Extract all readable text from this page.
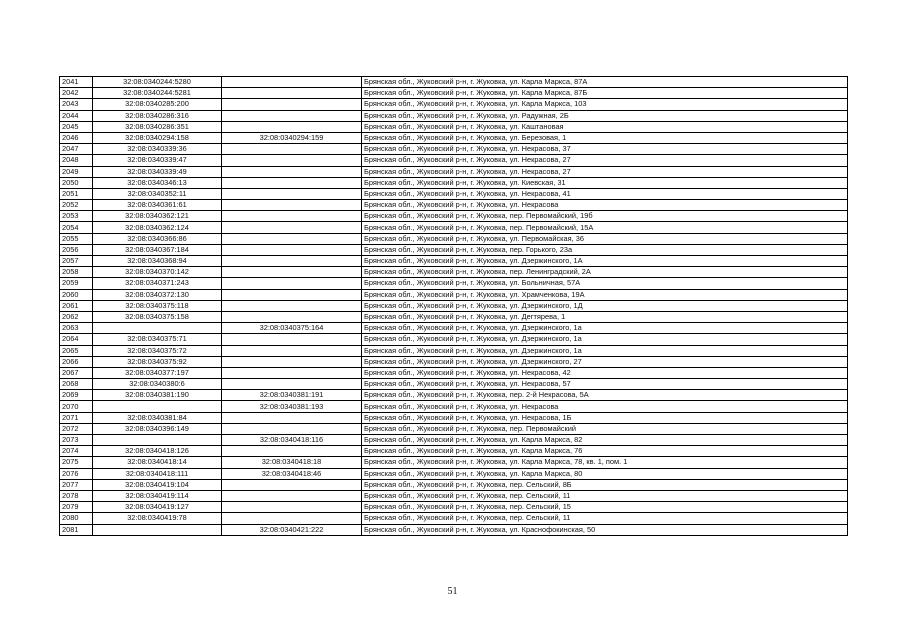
2041	32:08:0340244:5280		Брянская обл., Жуковский р-н, г. Жуковка, ул. Карла Маркса, 87А
2042	32:08:0340244:5281		Брянская обл., Жуковский р-н, г. Жуковка, ул. Карла Маркса, 87Б
2043	32:08:0340285:200		Брянская обл., Жуковский р-н, г. Жуковка, ул. Карла Маркса, 103
2044	32:08:0340286:316		Брянская обл., Жуковский р-н, г. Жуковка, ул. Радужная, 2Б
2045	32:08:0340286:351		Брянская обл., Жуковский р-н, г. Жуковка, ул. Каштановая
2046	32:08:0340294:158	32:08:0340294:159	Брянская обл., Жуковский р-н, г. Жуковка, ул. Березовая, 1
2047	32:08:0340339:36		Брянская обл., Жуковский р-н, г. Жуковка, ул. Некрасова, 37
2048	32:08:0340339:47		Брянская обл., Жуковский р-н, г. Жуковка, ул. Некрасова, 27
2049	32:08:0340339:49		Брянская обл., Жуковский р-н, г. Жуковка, ул. Некрасова, 27
2050	32:08:0340346:13		Брянская обл., Жуковский р-н, г. Жуковка, ул. Киевская, 31
2051	32:08:0340352:11		Брянская обл., Жуковский р-н, г. Жуковка, ул. Некрасова, 41
2052	32:08:0340361:61		Брянская обл., Жуковский р-н, г. Жуковка, ул. Некрасова
2053	32:08:0340362:121		Брянская обл., Жуковский р-н, г. Жуковка, пер. Первомайский, 19б
2054	32:08:0340362:124		Брянская обл., Жуковский р-н, г. Жуковка, пер. Первомайский, 15А
2055	32:08:0340366:86		Брянская обл., Жуковский р-н, г. Жуковка, ул. Первомайская, 36
2056	32:08:0340367:184		Брянская обл., Жуковский р-н, г. Жуковка, пер. Горького, 23а
2057	32:08:0340368:94		Брянская обл., Жуковский р-н, г. Жуковка, ул. Дзержинского, 1А
2058	32:08:0340370:142		Брянская обл., Жуковский р-н, г. Жуковка, пер. Ленинградский, 2А
2059	32:08:0340371:243		Брянская обл., Жуковский р-н, г. Жуковка, ул. Больничная, 57А
2060	32:08:0340372:130		Брянская обл., Жуковский р-н, г. Жуковка, ул. Храмченкова, 19А
2061	32:08:0340375:118		Брянская обл., Жуковский р-н, г. Жуковка, ул. Дзержинского, 1Д
2062	32:08:0340375:158		Брянская обл., Жуковский р-н, г. Жуковка, ул. Дегтярева, 1
2063		32:08:0340375:164	Брянская обл., Жуковский р-н, г. Жуковка, ул. Дзержинского, 1а
2064	32:08:0340375:71		Брянская обл., Жуковский р-н, г. Жуковка, ул. Дзержинского, 1а
2065	32:08:0340375:72		Брянская обл., Жуковский р-н, г. Жуковка, ул. Дзержинского, 1а
2066	32:08:0340375:92		Брянская обл., Жуковский р-н, г. Жуковка, ул. Дзержинского, 27
2067	32:08:0340377:197		Брянская обл., Жуковский р-н, г. Жуковка, ул. Некрасова, 42
2068	32:08:0340380:6		Брянская обл., Жуковский р-н, г. Жуковка, ул. Некрасова, 57
2069	32:08:0340381:190	32:08:0340381:191	Брянская обл., Жуковский р-н, г. Жуковка, пер. 2-й Некрасова, 5А
2070		32:08:0340381:193	Брянская обл., Жуковский р-н, г. Жуковка, ул. Некрасова
2071	32:08:0340381:84		Брянская обл., Жуковский р-н, г. Жуковка, ул. Некрасова, 1Б
2072	32:08:0340396:149		Брянская обл., Жуковский р-н, г. Жуковка, пер. Первомайский
2073		32:08:0340418:116	Брянская обл., Жуковский р-н, г. Жуковка, ул. Карла Маркса, 82
2074	32:08:0340418:126		Брянская обл., Жуковский р-н, г. Жуковка, ул. Карла Маркса, 76
2075	32:08:0340418:14	32:08:0340418:18	Брянская обл., Жуковский р-н, г. Жуковка, ул. Карла Маркса, 78, кв. 1, пом. 1
2076	32:08:0340418:111	32:08:0340418:46	Брянская обл., Жуковский р-н, г. Жуковка, ул. Карла Маркса, 80
2077	32:08:0340419:104		Брянская обл., Жуковский р-н, г. Жуковка, пер. Сельский, 8Б
2078	32:08:0340419:114		Брянская обл., Жуковский р-н, г. Жуковка, пер. Сельский, 11
2079	32:08:0340419:127		Брянская обл., Жуковский р-н, г. Жуковка, пер. Сельский, 15
2080	32:08:0340419:78		Брянская обл., Жуковский р-н, г. Жуковка, пер. Сельский, 11
2081		32:08:0340421:222	Брянская обл., Жуковский р-н, г. Жуковка, ул. Краснофокинская, 50
51
